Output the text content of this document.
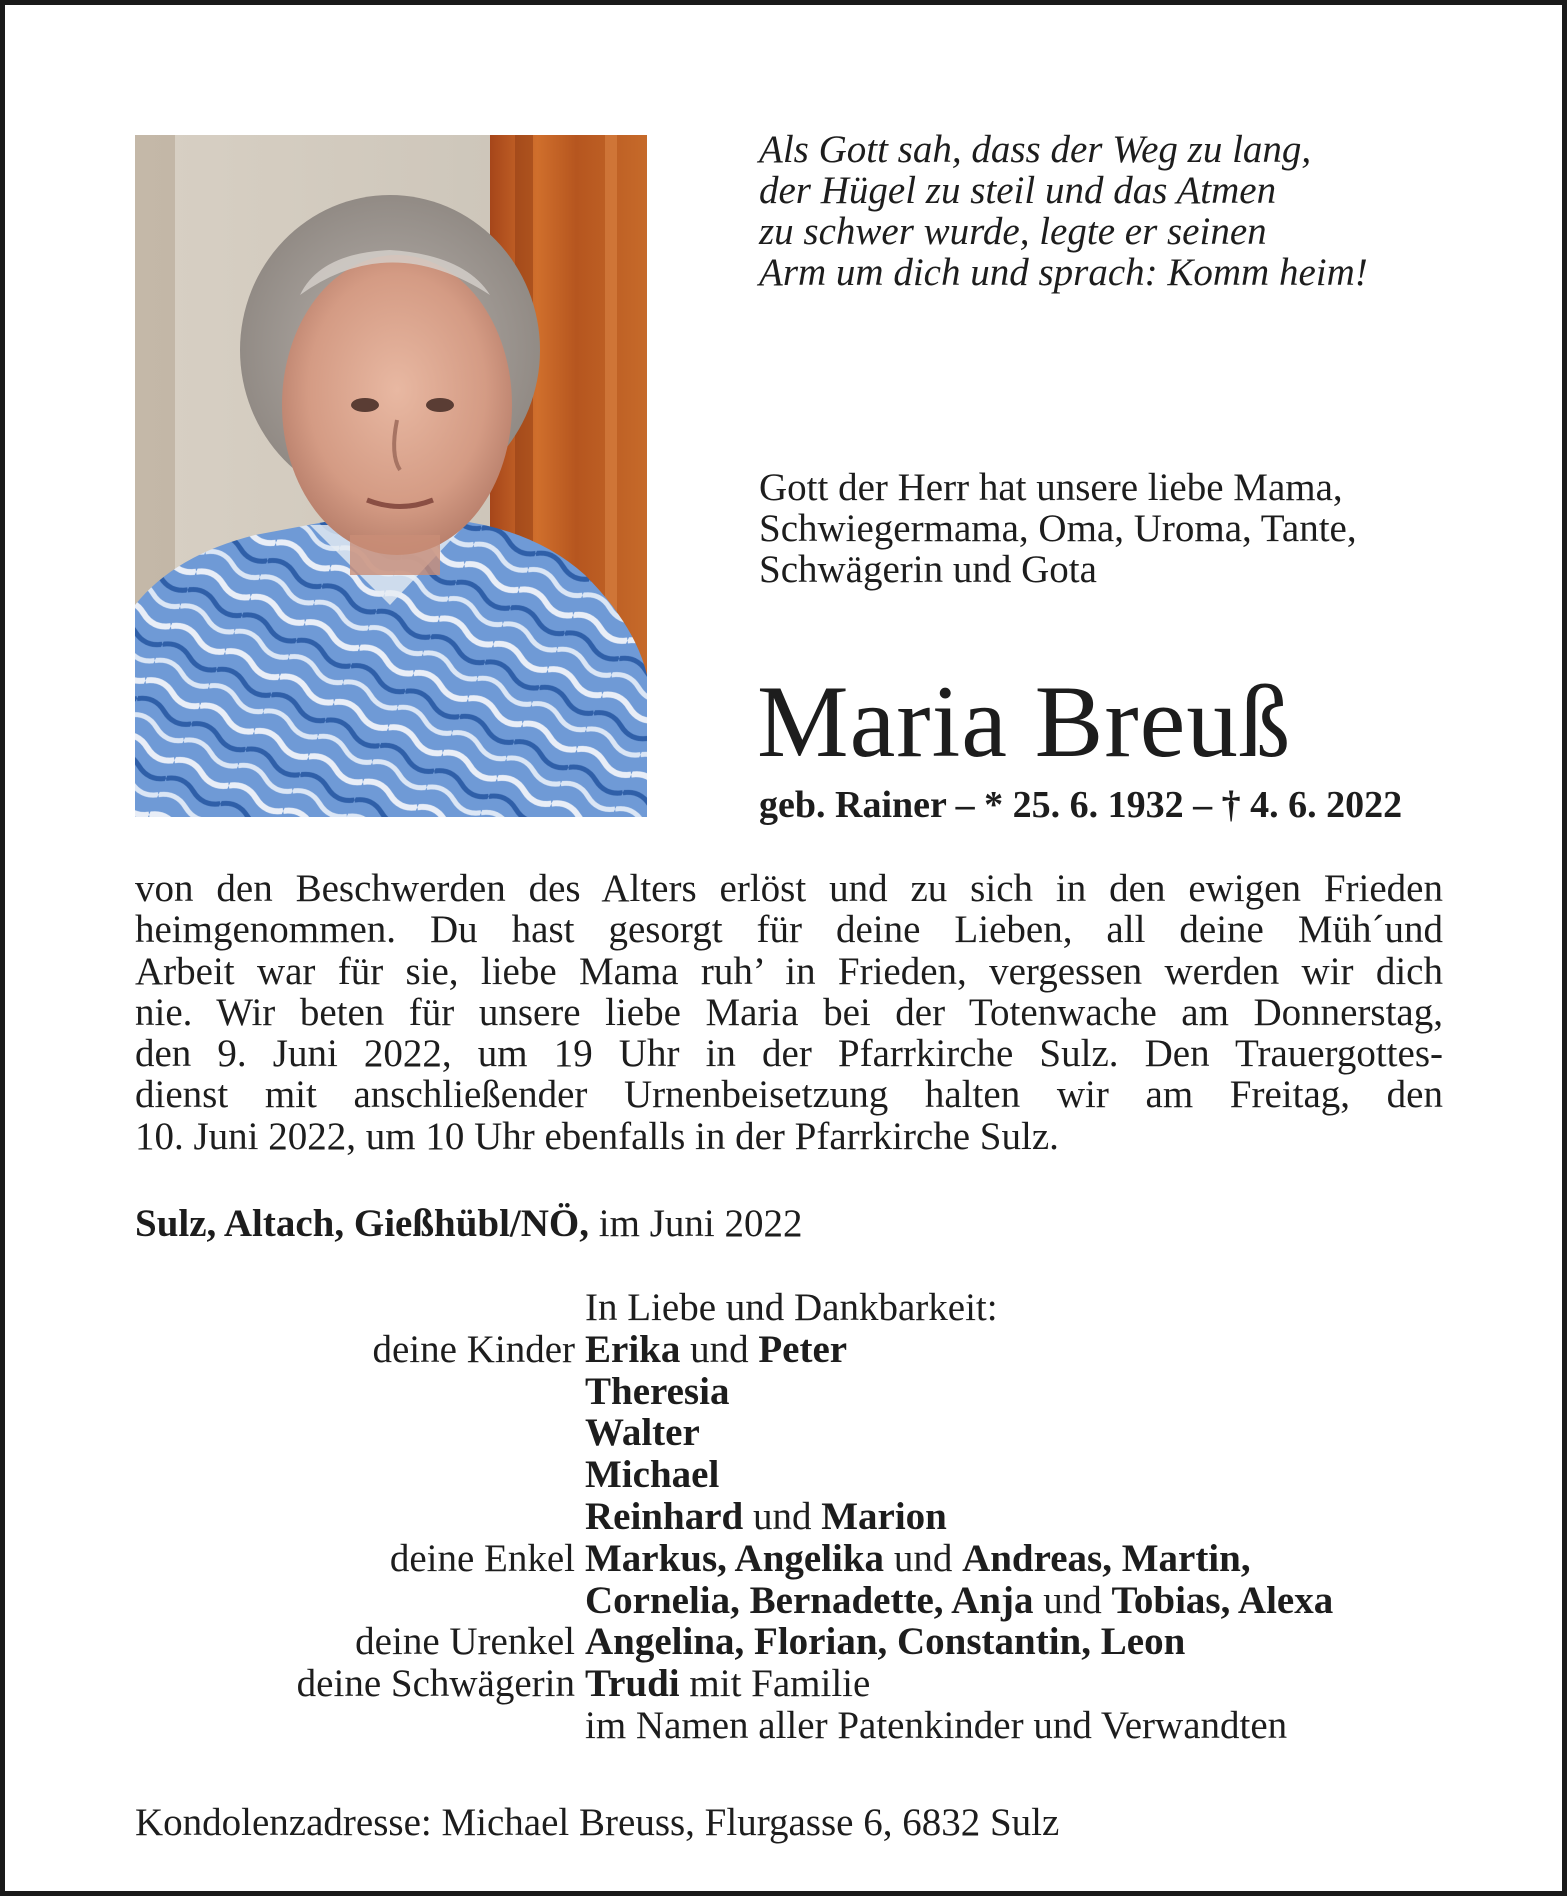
Als Gott sah, dass der Weg zu lang,
der Hügel zu steil und das Atmen
zu schwer wurde, legte er seinen
Arm um dich und sprach: Komm heim!
Gott der Herr hat unsere liebe Mama,
Schwiegermama, Oma, Uroma, Tante,
Schwägerin und Gota
Maria Breuß
geb. Rainer – * 25. 6. 1932 – † 4. 6. 2022
von den Beschwerden des Alters erlöst und zu sich in den ewigen Frieden
heimgenommen. Du hast gesorgt für deine Lieben, all deine Müh´und
Arbeit war für sie, liebe Mama ruh’ in Frieden, vergessen werden wir dich
nie. Wir beten für unsere liebe Maria bei der Totenwache am Donnerstag,
den 9. Juni 2022, um 19 Uhr in der Pfarrkirche Sulz. Den Trauergottes-
dienst mit anschließender Urnenbeisetzung halten wir am Freitag, den
10. Juni 2022, um 10 Uhr ebenfalls in der Pfarrkirche Sulz.
Sulz, Altach, Gießhübl/NÖ, im Juni 2022
In Liebe und Dankbarkeit:
deine Kinder Erika und Peter
Theresia
Walter
Michael
Reinhard und Marion
deine Enkel Markus, Angelika und Andreas, Martin,
Cornelia, Bernadette, Anja und Tobias, Alexa
deine Urenkel Angelina, Florian, Constantin, Leon
deine Schwägerin Trudi mit Familie
im Namen aller Patenkinder und Verwandten
Kondolenzadresse: Michael Breuss, Flurgasse 6, 6832 Sulz
